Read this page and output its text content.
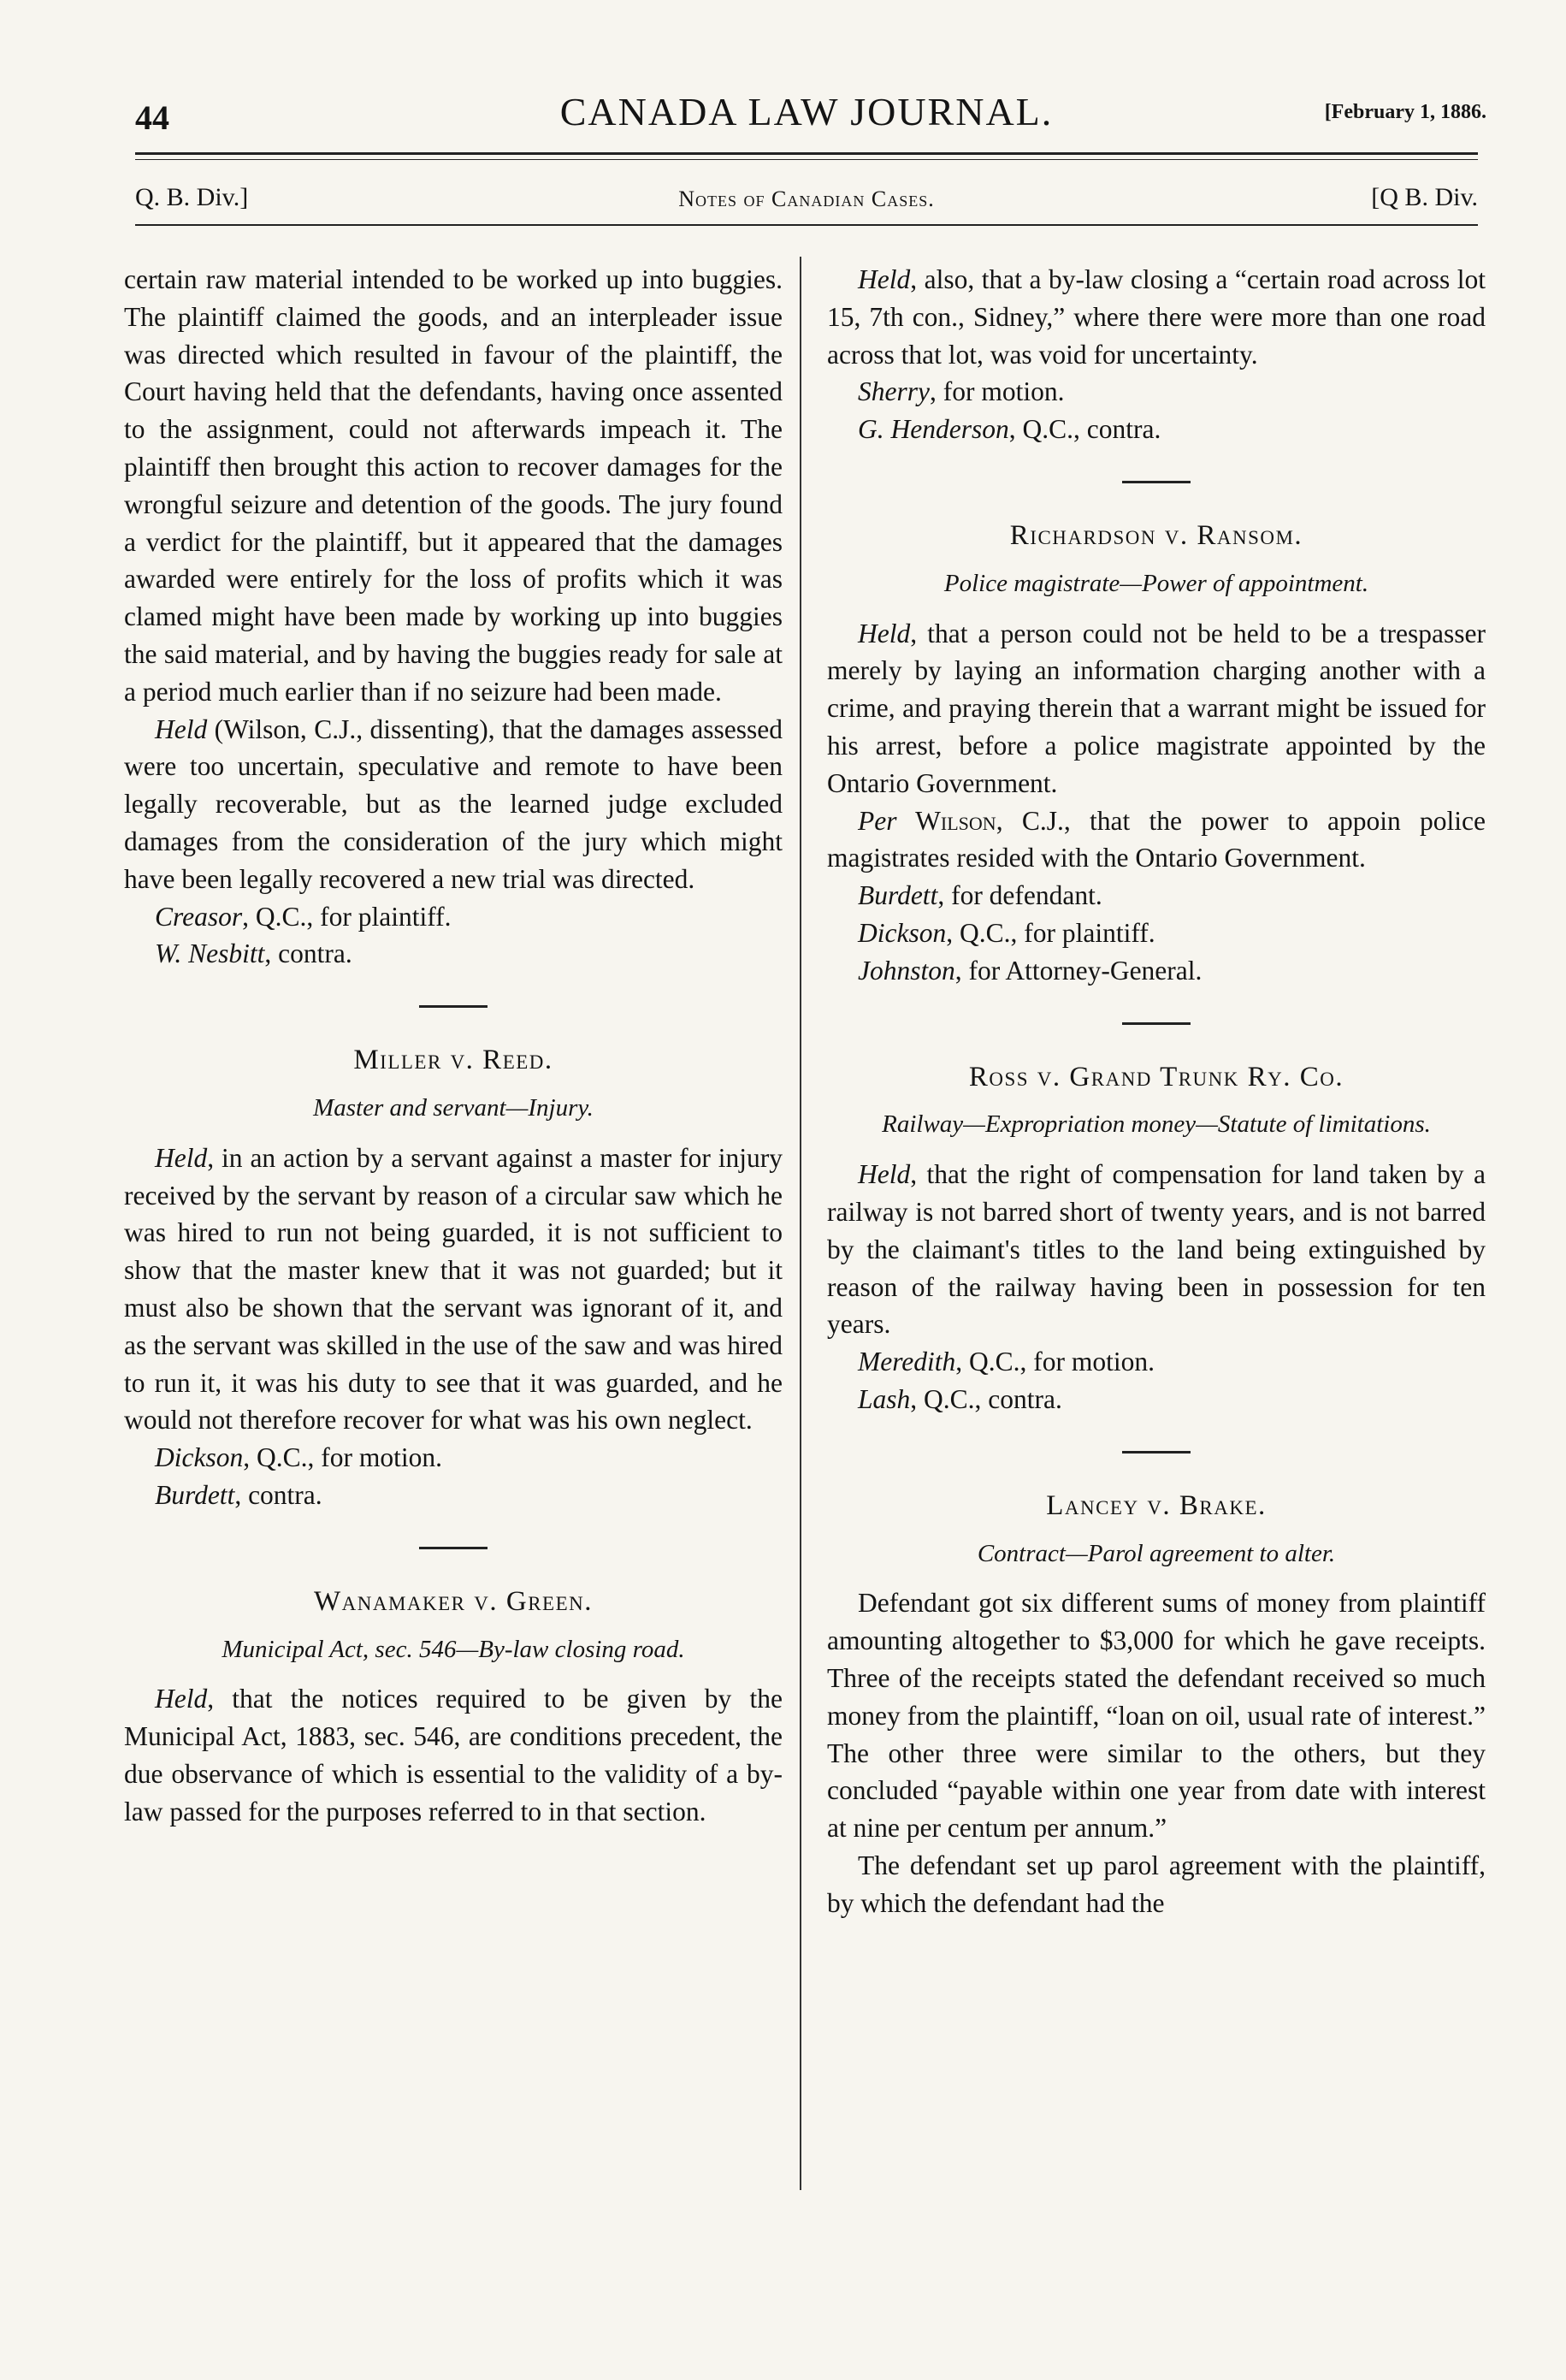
44	CANADA LAW JOURNAL.	[February 1, 1886.
Q. B. Div.]	Notes of Canadian Cases.	[Q B. Div.

certain raw material intended to be worked up into buggies. The plaintiff claimed the goods, and an interpleader issue was directed which resulted in favour of the plaintiff, the Court having held that the defendants, having once assented to the assignment, could not afterwards impeach it. The plaintiff then brought this action to recover damages for the wrongful seizure and detention of the goods. The jury found a verdict for the plaintiff, but it appeared that the damages awarded were entirely for the loss of profits which it was clamed might have been made by working up into buggies the said material, and by having the buggies ready for sale at a period much earlier than if no seizure had been made.

Held (Wilson, C.J., dissenting), that the damages assessed were too uncertain, speculative and remote to have been legally recoverable, but as the learned judge excluded damages from the consideration of the jury which might have been legally recovered a new trial was directed.

Creasor, Q.C., for plaintiff.
W. Nesbitt, contra.
Miller v. Reed.
Master and servant—Injury.

Held, in an action by a servant against a master for injury received by the servant by reason of a circular saw which he was hired to run not being guarded, it is not sufficient to show that the master knew that it was not guarded; but it must also be shown that the servant was ignorant of it, and as the servant was skilled in the use of the saw and was hired to run it, it was his duty to see that it was guarded, and he would not therefore recover for what was his own neglect.

Dickson, Q.C., for motion.
Burdett, contra.
Wanamaker v. Green.
Municipal Act, sec. 546—By-law closing road.

Held, that the notices required to be given by the Municipal Act, 1883, sec. 546, are conditions precedent, the due observance of which is essential to the validity of a by-law passed for the purposes referred to in that section.

Held, also, that a by-law closing a “certain road across lot 15, 7th con., Sidney,” where there were more than one road across that lot, was void for uncertainty.

Sherry, for motion.
G. Henderson, Q.C., contra.
Richardson v. Ransom.
Police magistrate—Power of appointment.

Held, that a person could not be held to be a trespasser merely by laying an information charging another with a crime, and praying therein that a warrant might be issued for his arrest, before a police magistrate appointed by the Ontario Government.

Per Wilson, C.J., that the power to appoin police magistrates resided with the Ontario Government.

Burdett, for defendant.
Dickson, Q.C., for plaintiff.
Johnston, for Attorney-General.
Ross v. Grand Trunk Ry. Co.
Railway—Expropriation money—Statute of limitations.

Held, that the right of compensation for land taken by a railway is not barred short of twenty years, and is not barred by the claimant's titles to the land being extinguished by reason of the railway having been in possession for ten years.

Meredith, Q.C., for motion.
Lash, Q.C., contra.
Lancey v. Brake.
Contract—Parol agreement to alter.

Defendant got six different sums of money from plaintiff amounting altogether to $3,000 for which he gave receipts. Three of the receipts stated the defendant received so much money from the plaintiff, “loan on oil, usual rate of interest.” The other three were similar to the others, but they concluded “payable within one year from date with interest at nine per centum per annum.”

The defendant set up parol agreement with the plaintiff, by which the defendant had the
